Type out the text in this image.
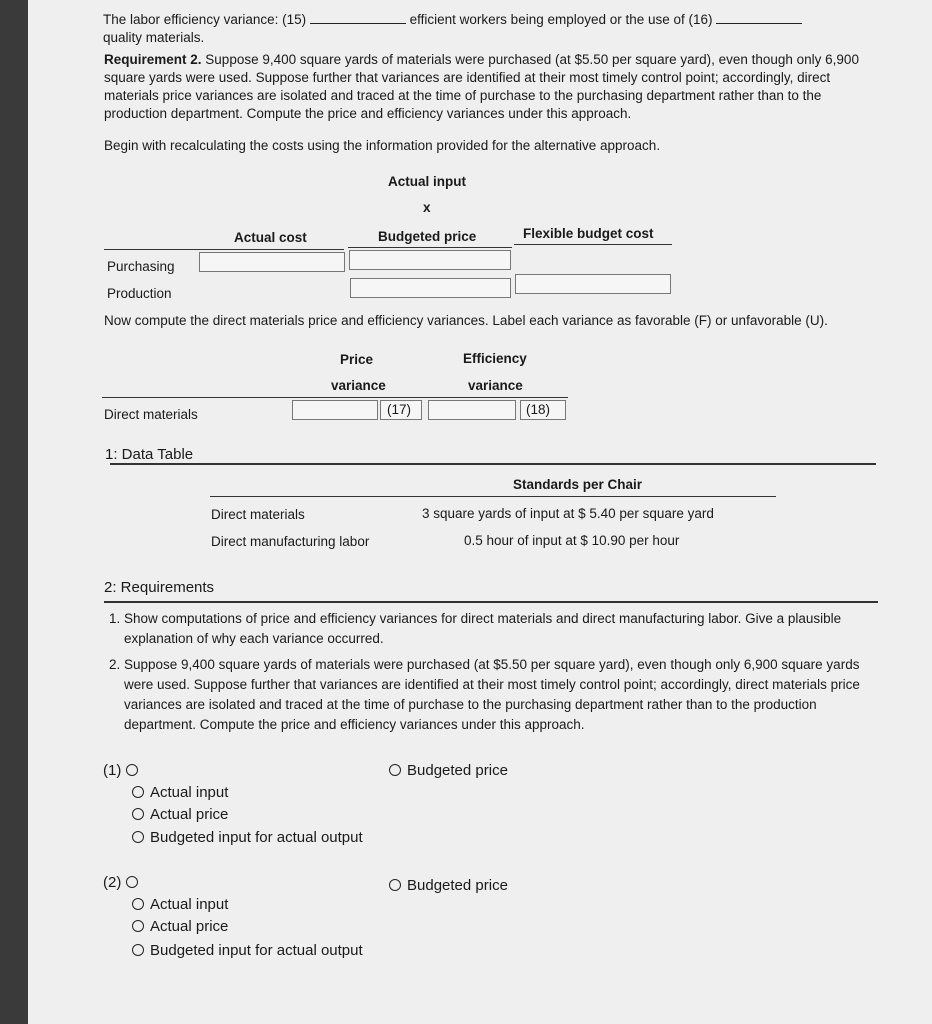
The labor efficiency variance: (15)	efficient workers being employed or the use of (16)
quality materials.
Requirement 2. Suppose 9,400 square yards of materials were purchased (at $5.50 per square yard), even though only 6,900 square yards were used. Suppose further that variances are identified at their most timely control point; accordingly, direct materials price variances are isolated and traced at the time of purchase to the purchasing department rather than to the production department. Compute the price and efficiency variances under this approach.
Begin with recalculating the costs using the information provided for the alternative approach.
Actual input
x
Actual cost	Budgeted price	Flexible budget cost
Purchasing
Production
Now compute the direct materials price and efficiency variances. Label each variance as favorable (F) or unfavorable (U).
Price	Efficiency
variance	variance
Direct materials	(17)	(18)
1: Data Table
Standards per Chair
Direct materials	3 square yards of input at $ 5.40 per square yard
Direct manufacturing labor	0.5 hour of input at $ 10.90 per hour
2: Requirements
1. Show computations of price and efficiency variances for direct materials and direct manufacturing labor. Give a plausible explanation of why each variance occurred.
2. Suppose 9,400 square yards of materials were purchased (at $5.50 per square yard), even though only 6,900 square yards were used. Suppose further that variances are identified at their most timely control point; accordingly, direct materials price variances are isolated and traced at the time of purchase to the purchasing department rather than to the production department. Compute the price and efficiency variances under this approach.
(1)	Budgeted price
Actual input
Actual price
Budgeted input for actual output
(2)	Budgeted price
Actual input
Actual price
Budgeted input for actual output
